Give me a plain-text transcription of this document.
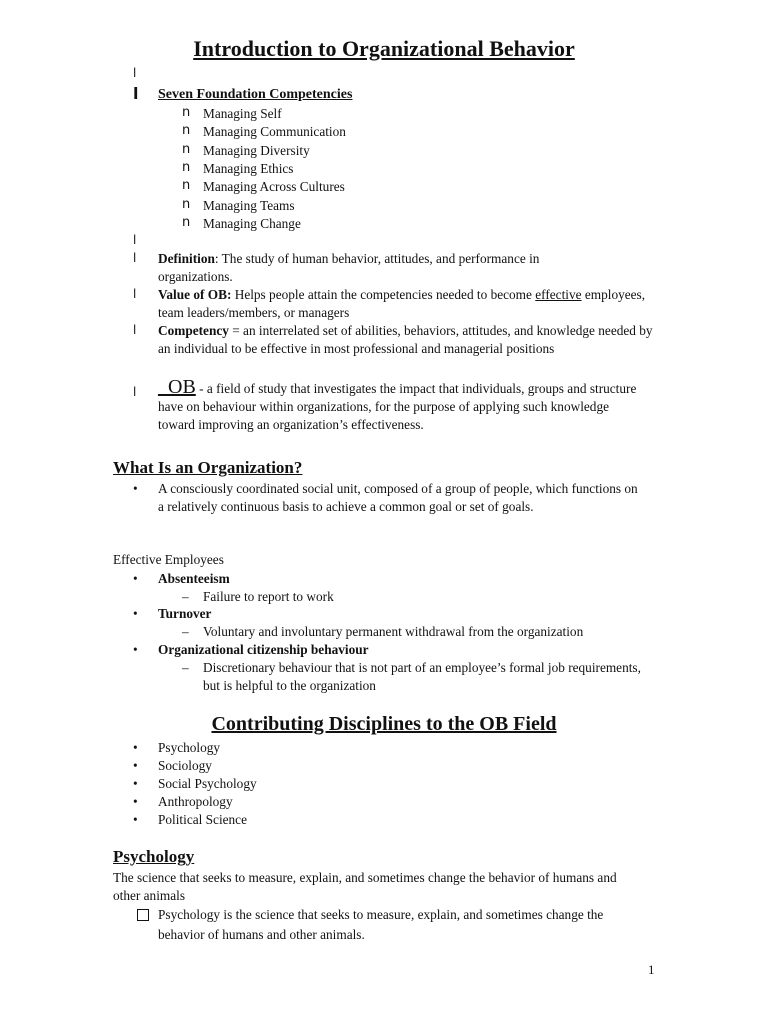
Introduction to Organizational Behavior
l
l Seven Foundation Competencies
n Managing Self
n Managing Communication
n Managing Diversity
n Managing Ethics
n Managing Across Cultures
n Managing Teams
n Managing Change
l
l Definition: The study of human behavior, attitudes, and performance in organizations.
l Value of OB: Helps people attain the competencies needed to become effective employees, team leaders/members, or managers
l Competency = an interrelated set of abilities, behaviors, attitudes, and knowledge needed by an individual to be effective in most professional and managerial positions
l _OB - a field of study that investigates the impact that individuals, groups and structure have on behaviour within organizations, for the purpose of applying such knowledge toward improving an organization’s effectiveness.
What Is an Organization?
• A consciously coordinated social unit, composed of a group of people, which functions on a relatively continuous basis to achieve a common goal or set of goals.
Effective Employees
• Absenteeism
– Failure to report to work
• Turnover
– Voluntary and involuntary permanent withdrawal from the organization
• Organizational citizenship behaviour
– Discretionary behaviour that is not part of an employee’s formal job requirements, but is helpful to the organization
Contributing Disciplines to the OB Field
• Psychology
• Sociology
• Social Psychology
• Anthropology
• Political Science
Psychology
The science that seeks to measure, explain, and sometimes change the behavior of humans and other animals
Psychology is the science that seeks to measure, explain, and sometimes change the behavior of humans and other animals.
1
